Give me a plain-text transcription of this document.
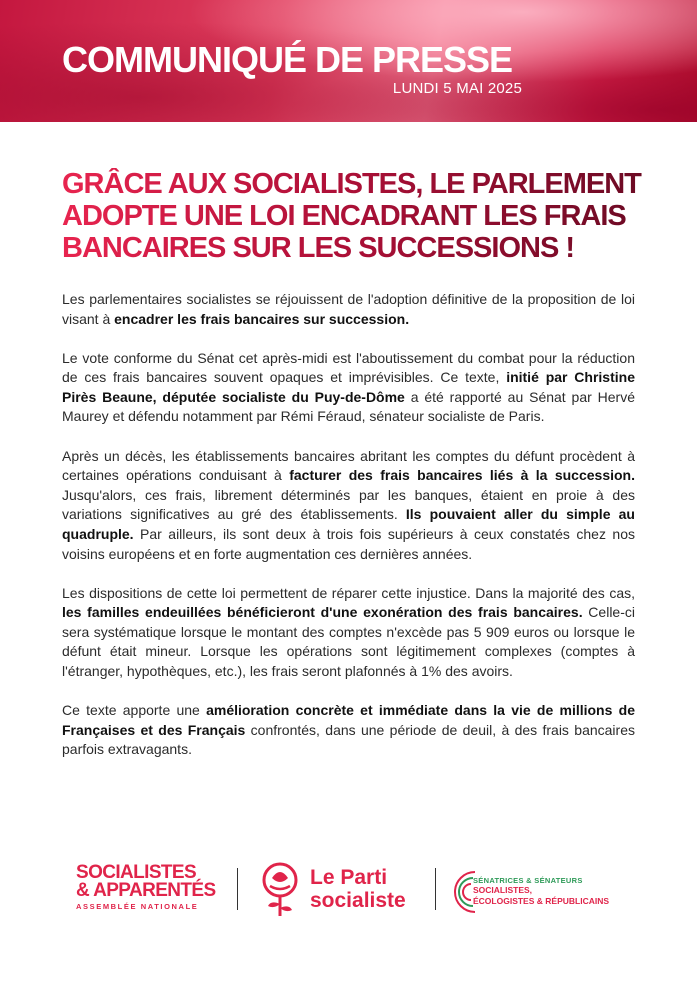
COMMUNIQUÉ DE PRESSE
LUNDI 5 MAI 2025
GRÂCE AUX SOCIALISTES, LE PARLEMENT
ADOPTE UNE LOI ENCADRANT LES FRAIS
BANCAIRES SUR LES SUCCESSIONS !

Les parlementaires socialistes se réjouissent de l'adoption définitive de la proposition de loi visant à encadrer les frais bancaires sur succession.

Le vote conforme du Sénat cet après-midi est l'aboutissement du combat pour la réduction de ces frais bancaires souvent opaques et imprévisibles. Ce texte, initié par Christine Pirès Beaune, députée socialiste du Puy-de-Dôme a été rapporté au Sénat par Hervé Maurey et défendu notamment par Rémi Féraud, sénateur socialiste de Paris.

Après un décès, les établissements bancaires abritant les comptes du défunt procèdent à certaines opérations conduisant à facturer des frais bancaires liés à la succession. Jusqu'alors, ces frais, librement déterminés par les banques, étaient en proie à des variations significatives au gré des établissements. Ils pouvaient aller du simple au quadruple. Par ailleurs, ils sont deux à trois fois supérieurs à ceux constatés chez nos voisins européens et en forte augmentation ces dernières années.

Les dispositions de cette loi permettent de réparer cette injustice. Dans la majorité des cas, les familles endeuillées bénéficieront d'une exonération des frais bancaires. Celle-ci sera systématique lorsque le montant des comptes n'excède pas 5 909 euros ou lorsque le défunt était mineur. Lorsque les opérations sont légitimement complexes (comptes à l'étranger, hypothèques, etc.), les frais seront plafonnés à 1% des avoirs.

Ce texte apporte une amélioration concrète et immédiate dans la vie de millions de Françaises et des Français confrontés, dans une période de deuil, à des frais bancaires parfois extravagants.

SOCIALISTES
& APPARENTÉS
ASSEMBLÉE NATIONALE
Le Parti
socialiste
SÉNATRICES & SÉNATEURS
SOCIALISTES,
ÉCOLOGISTES & RÉPUBLICAINS
